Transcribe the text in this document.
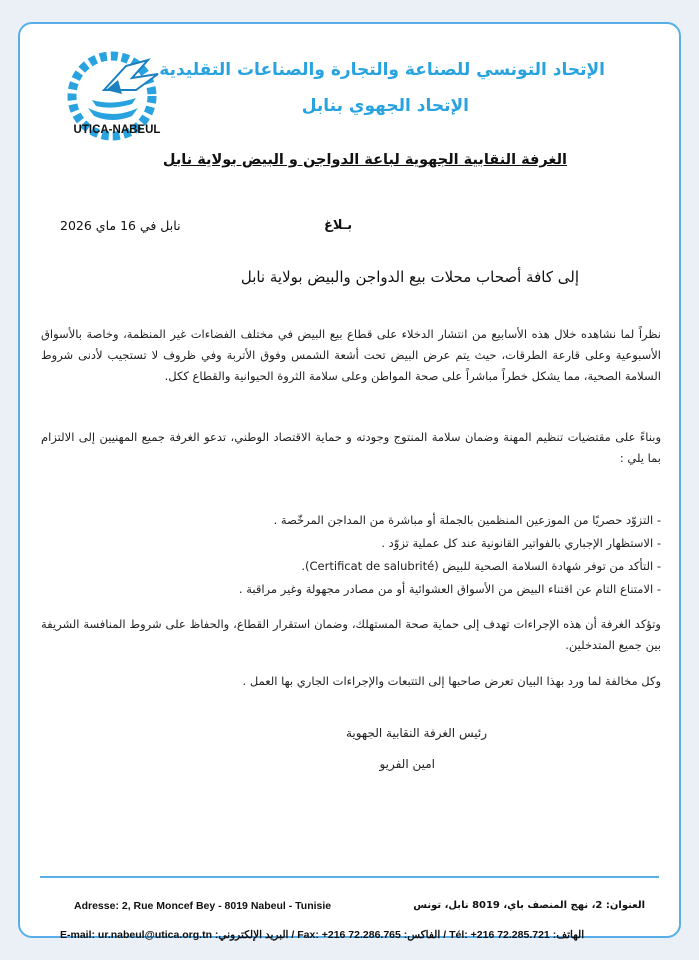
UTICA-NABEUL
الإتحاد التونسي للصناعة والتجارة والصناعات التقليدية
الإتحاد الجهوي بنابل
الغرفة النقابية الجهوية لباعة الدواجن و البيض بولاية نابل
بـلاغ
نابل في 16 ماي 2026
إلى كافة أصحاب محلات بيع الدواجن والبيض بولاية نابل
نظراً لما نشاهده خلال هذه الأسابيع من انتشار الدخلاء على قطاع بيع البيض في مختلف الفضاءات غير المنظمة، وخاصة بالأسواق الأسبوعية وعلى قارعة الطرقات، حيث يتم عرض البيض تحت أشعة الشمس وفوق الأتربة وفي ظروف لا تستجيب لأدنى شروط السلامة الصحية، مما يشكل خطراً مباشراً على صحة المواطن وعلى سلامة الثروة الحيوانية والقطاع ككل.
وبناءً على مقتضيات تنظيم المهنة وضمان سلامة المنتوج وجودته و حماية الاقتصاد الوطني، تدعو الغرفة جميع المهنيين إلى الالتزام بما يلي :
- التزوّد حصريًا من الموزعين المنظمين بالجملة أو مباشرة من المداجن المرخّصة .
- الاستظهار الإجباري بالفواتير القانونية عند كل عملية تزوّد .
- التأكد من توفر شهادة السلامة الصحية للبيض (Certificat de salubrité).
- الامتناع التام عن اقتناء البيض من الأسواق العشوائية أو من مصادر مجهولة وغير مراقبة .
وتؤكد الغرفة أن هذه الإجراءات تهدف إلى حماية صحة المستهلك، وضمان استقرار القطاع، والحفاظ على شروط المنافسة الشريفة بين جميع المتدخلين.
وكل مخالفة لما ورد بهذا البيان تعرض صاحبها إلى التتبعات والإجراءات الجاري بها العمل .
رئيس الغرفة النقابية الجهوية
امين الفريو
Adresse: 2, Rue Moncef Bey - 8019 Nabeul - Tunisie	العنوان: 2، نهج المنصف باي، 8019 نابل، تونس
الهاتف: Tél: +216 72.285.721 / الفاكس: Fax: +216 72.286.765 / البريد الإلكتروني: E-mail: ur.nabeul@utica.org.tn
